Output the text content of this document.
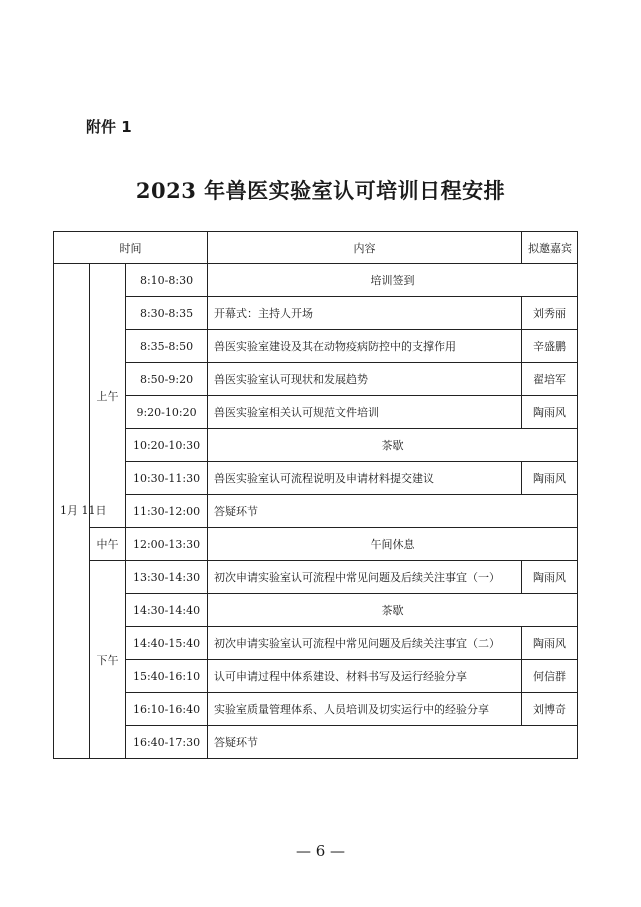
附件 1
2023 年兽医实验室认可培训日程安排
时间			内容	拟邀嘉宾
1月 11日	上午	8:10-8:30	培训签到	
		8:30-8:35	开幕式：主持人开场	刘秀丽
		8:35-8:50	兽医实验室建设及其在动物疫病防控中的支撑作用	辛盛鹏
		8:50-9:20	兽医实验室认可现状和发展趋势	翟培军
		9:20-10:20	兽医实验室相关认可规范文件培训	陶雨风
		10:20-10:30	茶歇	
		10:30-11:30	兽医实验室认可流程说明及申请材料提交建议	陶雨风
		11:30-12:00	答疑环节	
	中午	12:00-13:30	午间休息	
	下午	13:30-14:30	初次申请实验室认可流程中常见问题及后续关注事宜（一）	陶雨风
		14:30-14:40	茶歇	
		14:40-15:40	初次申请实验室认可流程中常见问题及后续关注事宜（二）	陶雨风
		15:40-16:10	认可申请过程中体系建设、材料书写及运行经验分享	何信群
		16:10-16:40	实验室质量管理体系、人员培训及切实运行中的经验分享	刘博奇
		16:40-17:30	答疑环节	
— 6 —
